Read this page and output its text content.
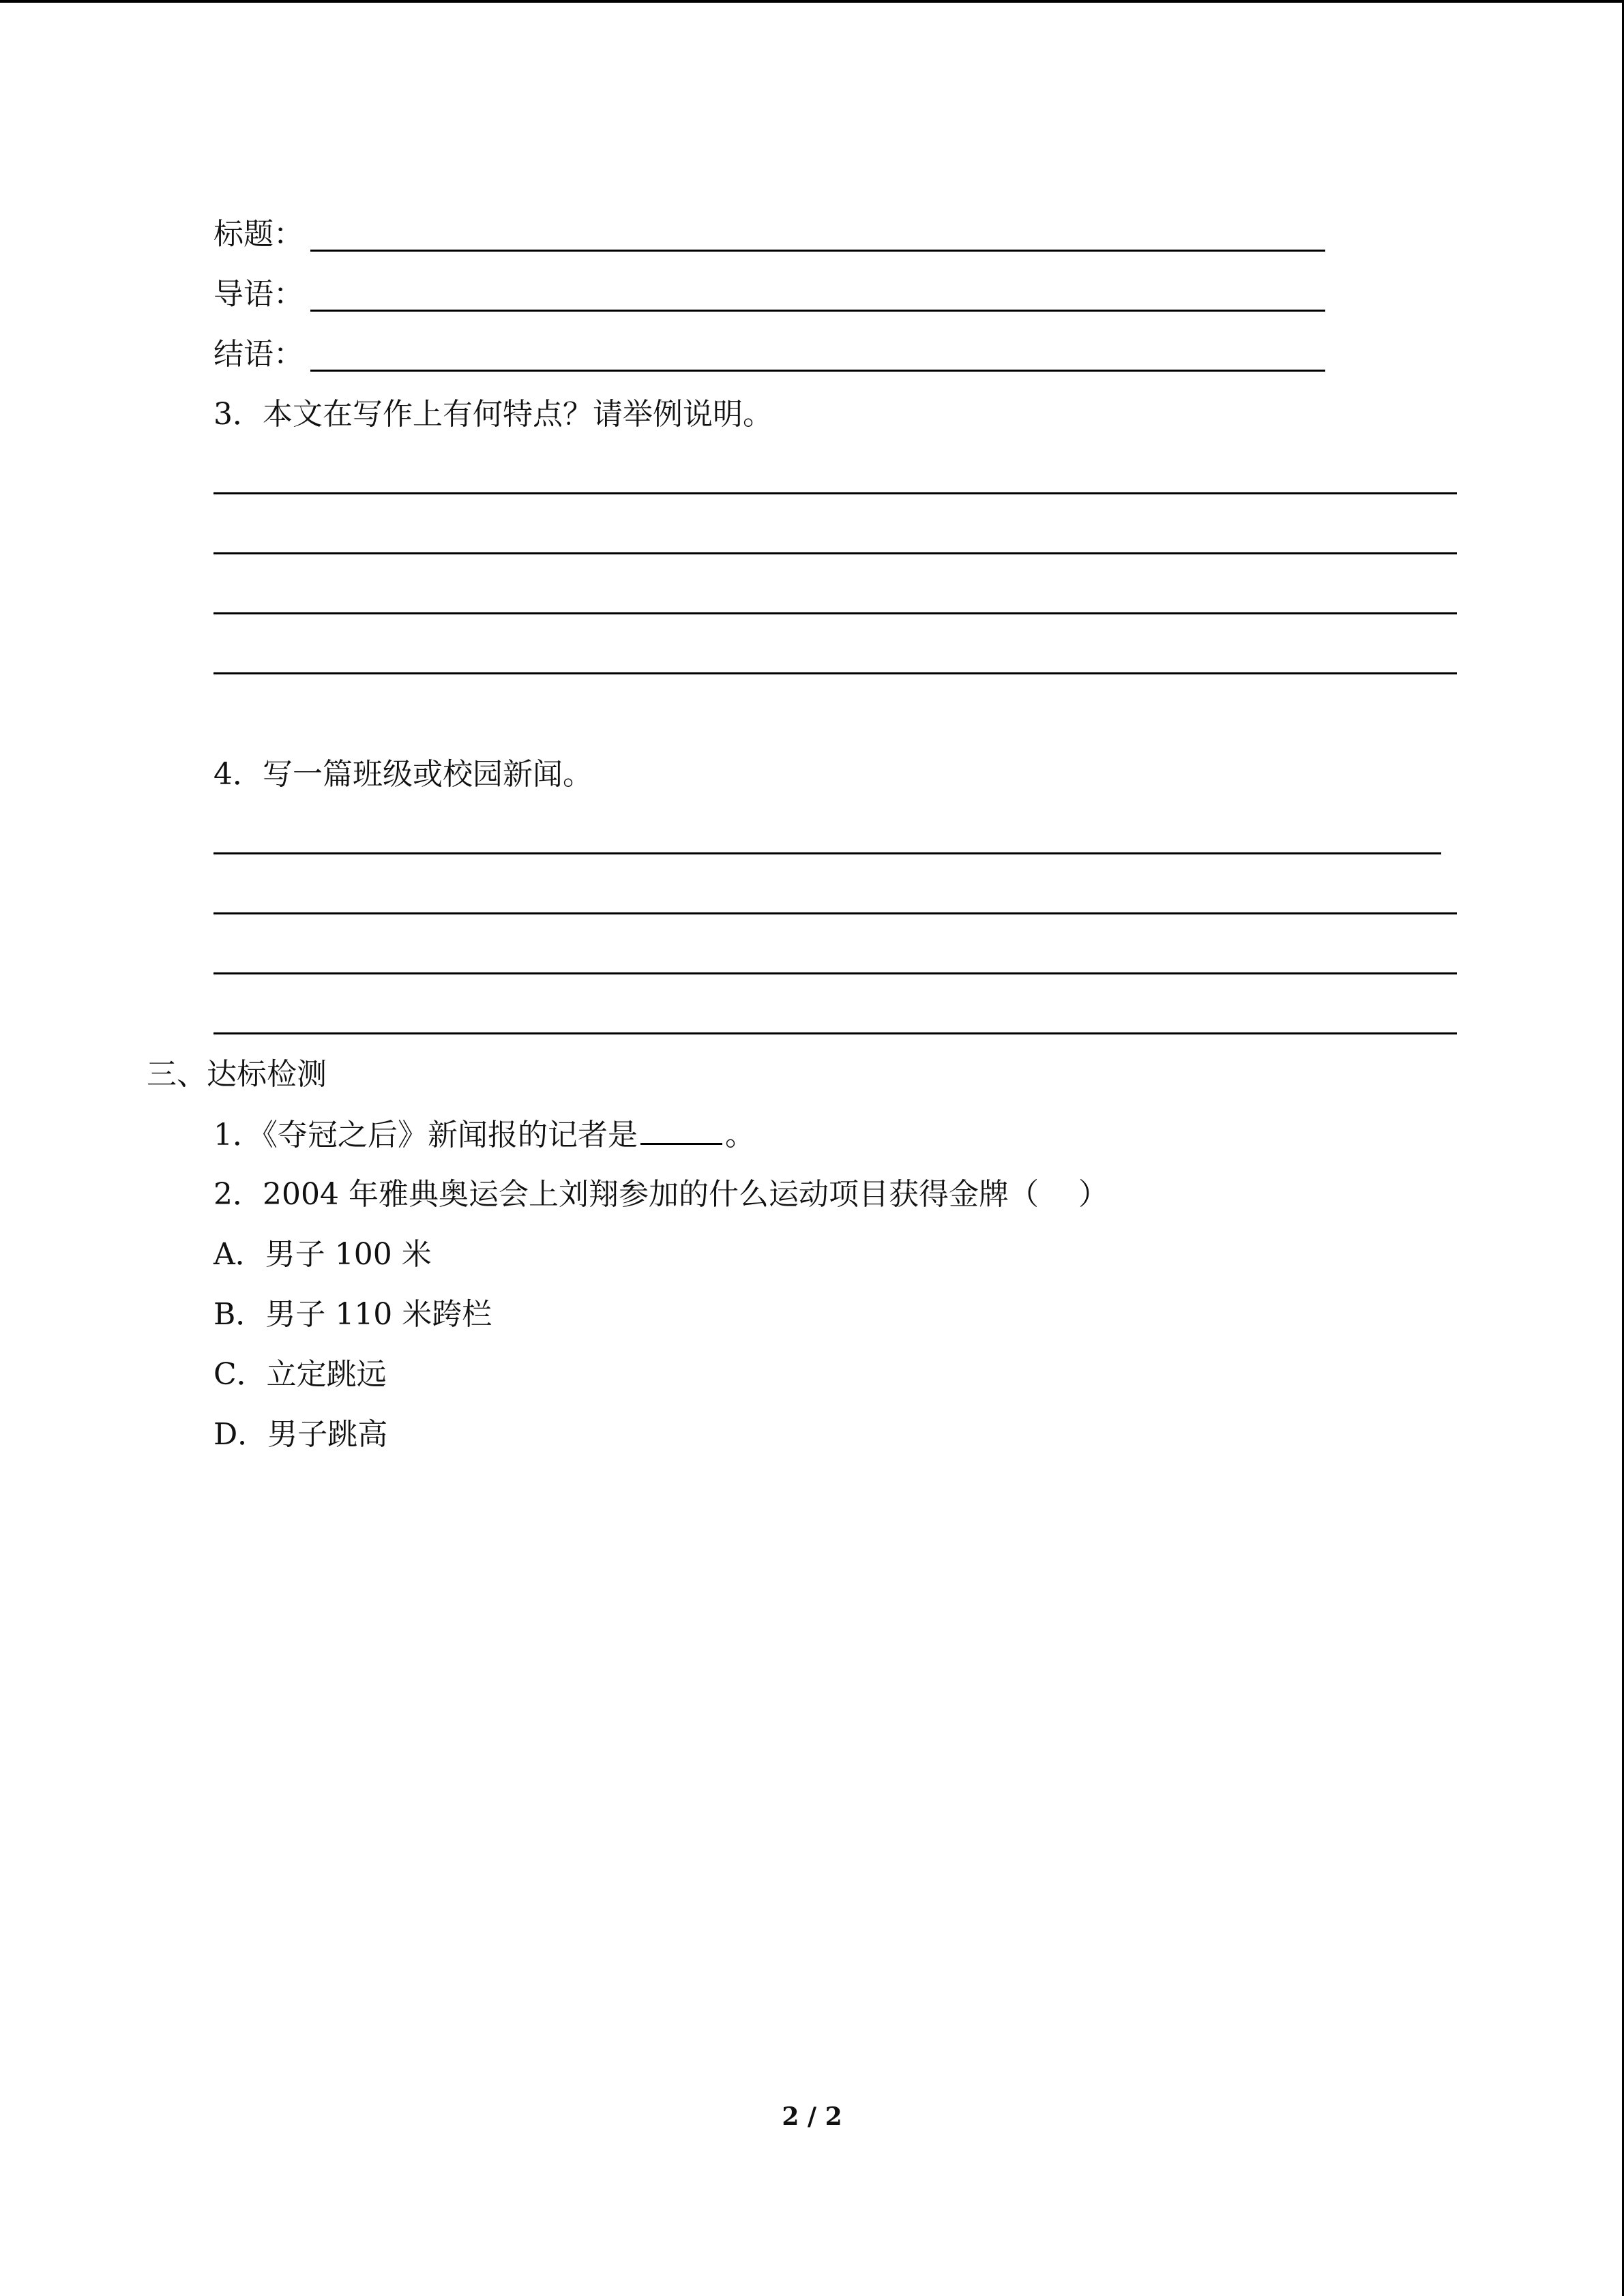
标题：
导语：
结语：
3．本文在写作上有何特点？请举例说明。
4．写一篇班级或校园新闻。
三、达标检测
1．《夺冠之后》新闻报的记者是	。
2．2004 年雅典奥运会上刘翔参加的什么运动项目获得金牌（ 　）
A．男子 100 米
B．男子 110 米跨栏
C．立定跳远
D．男子跳高
2 / 2
